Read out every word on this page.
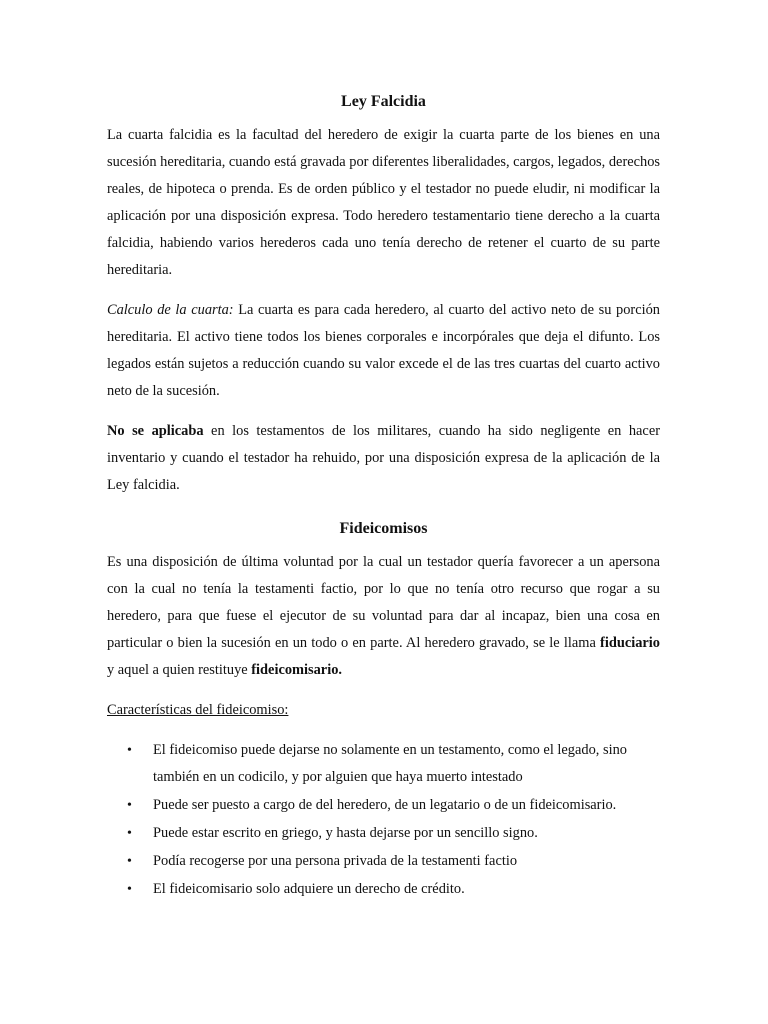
Ley Falcidia

La cuarta falcidia es la facultad del heredero de exigir la cuarta parte de los bienes en una sucesión hereditaria, cuando está gravada por diferentes liberalidades, cargos, legados, derechos reales, de hipoteca o prenda. Es de orden público y el testador no puede eludir, ni modificar la aplicación por una disposición expresa. Todo heredero testamentario tiene derecho a la cuarta falcidia, habiendo varios herederos cada uno tenía derecho de retener el cuarto de su parte hereditaria.

Calculo de la cuarta: La cuarta es para cada heredero, al cuarto del activo neto de su porción hereditaria. El activo tiene todos los bienes corporales e incorpórales que deja el difunto. Los legados están sujetos a reducción cuando su valor excede el de las tres cuartas del cuarto activo neto de la sucesión.

No se aplicaba en los testamentos de los militares, cuando ha sido negligente en hacer inventario y cuando el testador ha rehuido, por una disposición expresa de la aplicación de la Ley falcidia.

Fideicomisos

Es una disposición de última voluntad por la cual un testador quería favorecer a un apersona con la cual no tenía la testamenti factio, por lo que no tenía otro recurso que rogar a su heredero, para que fuese el ejecutor de su voluntad para dar al incapaz, bien una cosa en particular o bien la sucesión en un todo o en parte. Al heredero gravado, se le llama fiduciario y aquel a quien restituye fideicomisario.

Características del fideicomiso:

• El fideicomiso puede dejarse no solamente en un testamento, como el legado, sino también en un codicilo, y por alguien que haya muerto intestado
• Puede ser puesto a cargo de del heredero, de un legatario o de un fideicomisario.
• Puede estar escrito en griego, y hasta dejarse por un sencillo signo.
• Podía recogerse por una persona privada de la testamenti factio
• El fideicomisario solo adquiere un derecho de crédito.
